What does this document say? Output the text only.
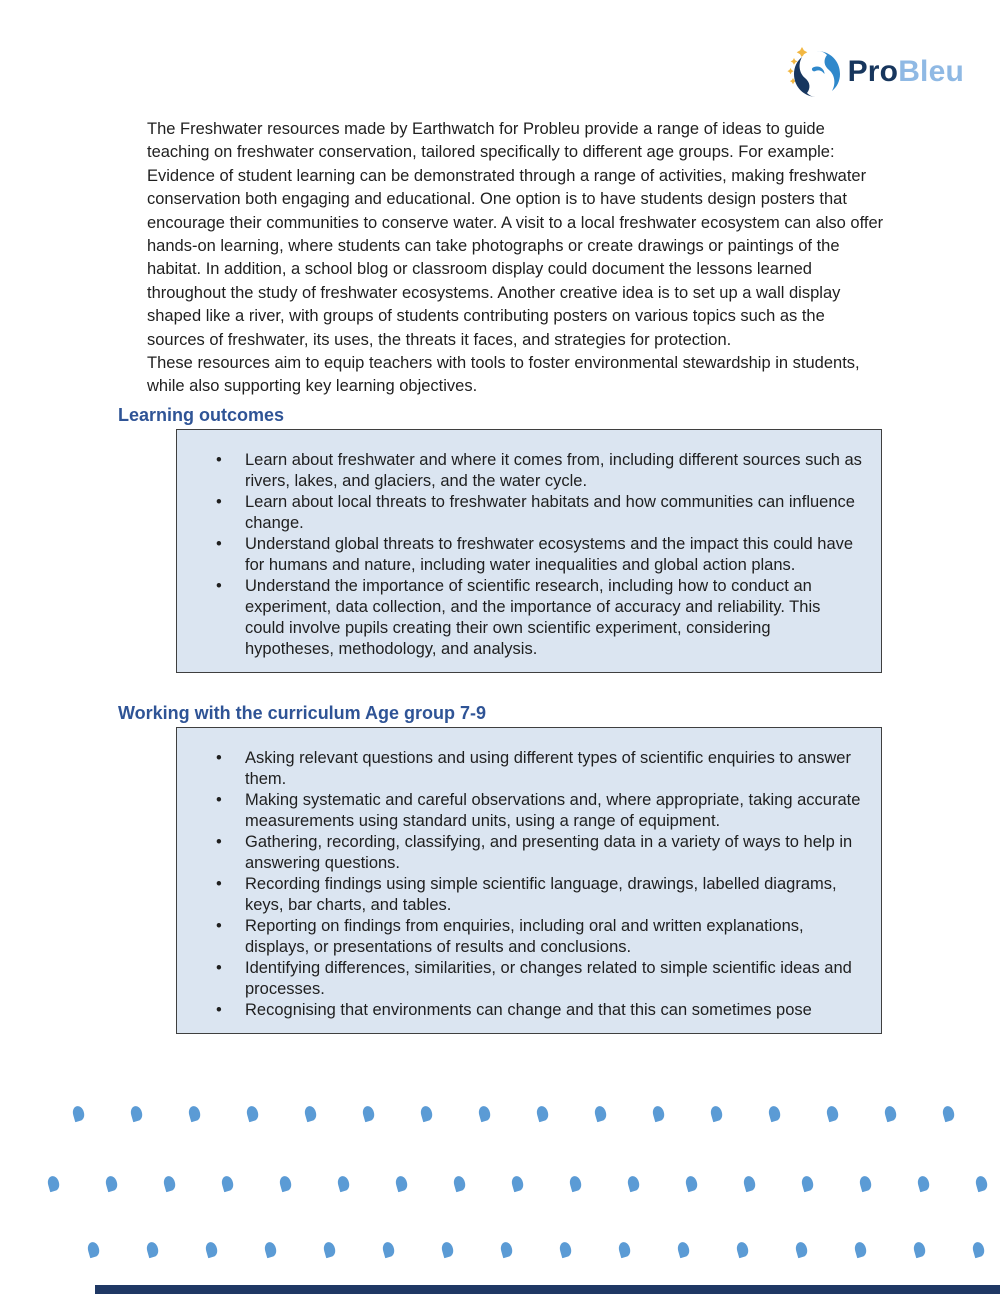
ProBleu

The Freshwater resources made by Earthwatch for Probleu provide a range of ideas to guide teaching on freshwater conservation, tailored specifically to different age groups. For example:

Evidence of student learning can be demonstrated through a range of activities, making freshwater conservation both engaging and educational. One option is to have students design posters that encourage their communities to conserve water. A visit to a local freshwater ecosystem can also offer hands-on learning, where students can take photographs or create drawings or paintings of the habitat. In addition, a school blog or classroom display could document the lessons learned throughout the study of freshwater ecosystems. Another creative idea is to set up a wall display shaped like a river, with groups of students contributing posters on various topics such as the sources of freshwater, its uses, the threats it faces, and strategies for protection.

These resources aim to equip teachers with tools to foster environmental stewardship in students, while also supporting key learning objectives.

Learning outcomes
•	Learn about freshwater and where it comes from, including different sources such as rivers, lakes, and glaciers, and the water cycle.
•	Learn about local threats to freshwater habitats and how communities can influence change.
•	Understand global threats to freshwater ecosystems and the impact this could have for humans and nature, including water inequalities and global action plans.
•	Understand the importance of scientific research, including how to conduct an experiment, data collection, and the importance of accuracy and reliability. This could involve pupils creating their own scientific experiment, considering hypotheses, methodology, and analysis.
Working with the curriculum Age group 7-9
•	Asking relevant questions and using different types of scientific enquiries to answer them.
•	Making systematic and careful observations and, where appropriate, taking accurate measurements using standard units, using a range of equipment.
•	Gathering, recording, classifying, and presenting data in a variety of ways to help in answering questions.
•	Recording findings using simple scientific language, drawings, labelled diagrams, keys, bar charts, and tables.
•	Reporting on findings from enquiries, including oral and written explanations, displays, or presentations of results and conclusions.
•	Identifying differences, similarities, or changes related to simple scientific ideas and processes.
•	Recognising that environments can change and that this can sometimes pose
